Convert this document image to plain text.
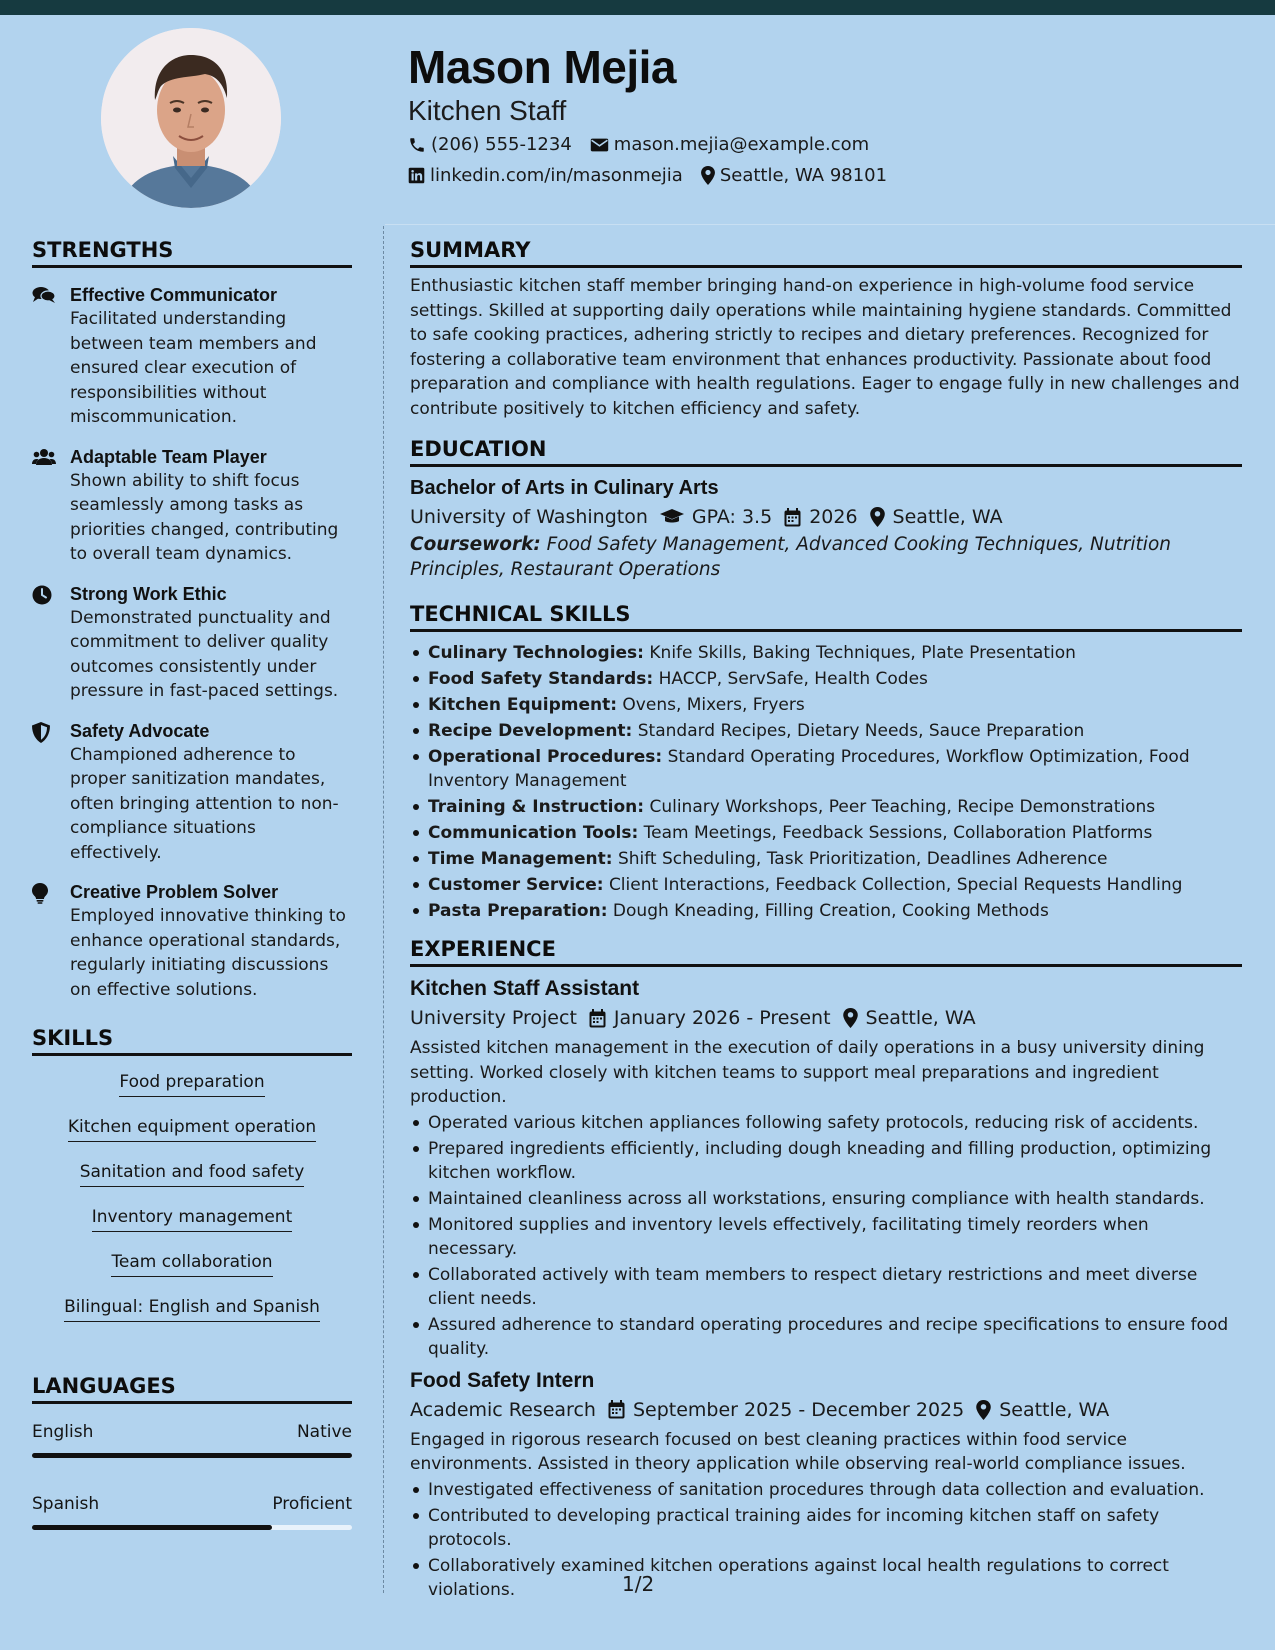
Mason Mejia
Kitchen Staff
(206) 555-1234 mason.mejia@example.com
linkedin.com/in/masonmejia Seattle, WA 98101
STRENGTHS
Effective Communicator
Facilitated understanding between team members and ensured clear execution of responsibilities without miscommunication.
Adaptable Team Player
Shown ability to shift focus seamlessly among tasks as priorities changed, contributing to overall team dynamics.
Strong Work Ethic
Demonstrated punctuality and commitment to deliver quality outcomes consistently under pressure in fast-paced settings.
Safety Advocate
Championed adherence to proper sanitization mandates, often bringing attention to non-compliance situations effectively.
Creative Problem Solver
Employed innovative thinking to enhance operational standards, regularly initiating discussions on effective solutions.
SKILLS
Food preparation
Kitchen equipment operation
Sanitation and food safety
Inventory management
Team collaboration
Bilingual: English and Spanish
LANGUAGES
English	Native
Spanish	Proficient
SUMMARY
Enthusiastic kitchen staff member bringing hand-on experience in high-volume food service settings. Skilled at supporting daily operations while maintaining hygiene standards. Committed to safe cooking practices, adhering strictly to recipes and dietary preferences. Recognized for fostering a collaborative team environment that enhances productivity. Passionate about food preparation and compliance with health regulations. Eager to engage fully in new challenges and contribute positively to kitchen efficiency and safety.
EDUCATION
Bachelor of Arts in Culinary Arts
University of Washington GPA: 3.5 2026 Seattle, WA
Coursework: Food Safety Management, Advanced Cooking Techniques, Nutrition Principles, Restaurant Operations
TECHNICAL SKILLS
Culinary Technologies: Knife Skills, Baking Techniques, Plate Presentation
Food Safety Standards: HACCP, ServSafe, Health Codes
Kitchen Equipment: Ovens, Mixers, Fryers
Recipe Development: Standard Recipes, Dietary Needs, Sauce Preparation
Operational Procedures: Standard Operating Procedures, Workflow Optimization, Food Inventory Management
Training & Instruction: Culinary Workshops, Peer Teaching, Recipe Demonstrations
Communication Tools: Team Meetings, Feedback Sessions, Collaboration Platforms
Time Management: Shift Scheduling, Task Prioritization, Deadlines Adherence
Customer Service: Client Interactions, Feedback Collection, Special Requests Handling
Pasta Preparation: Dough Kneading, Filling Creation, Cooking Methods
EXPERIENCE
Kitchen Staff Assistant
University Project January 2026 - Present Seattle, WA
Assisted kitchen management in the execution of daily operations in a busy university dining setting. Worked closely with kitchen teams to support meal preparations and ingredient production.
Operated various kitchen appliances following safety protocols, reducing risk of accidents.
Prepared ingredients efficiently, including dough kneading and filling production, optimizing kitchen workflow.
Maintained cleanliness across all workstations, ensuring compliance with health standards.
Monitored supplies and inventory levels effectively, facilitating timely reorders when necessary.
Collaborated actively with team members to respect dietary restrictions and meet diverse client needs.
Assured adherence to standard operating procedures and recipe specifications to ensure food quality.
Food Safety Intern
Academic Research September 2025 - December 2025 Seattle, WA
Engaged in rigorous research focused on best cleaning practices within food service environments. Assisted in theory application while observing real-world compliance issues.
Investigated effectiveness of sanitation procedures through data collection and evaluation.
Contributed to developing practical training aides for incoming kitchen staff on safety protocols.
Collaboratively examined kitchen operations against local health regulations to correct violations.	1/2
